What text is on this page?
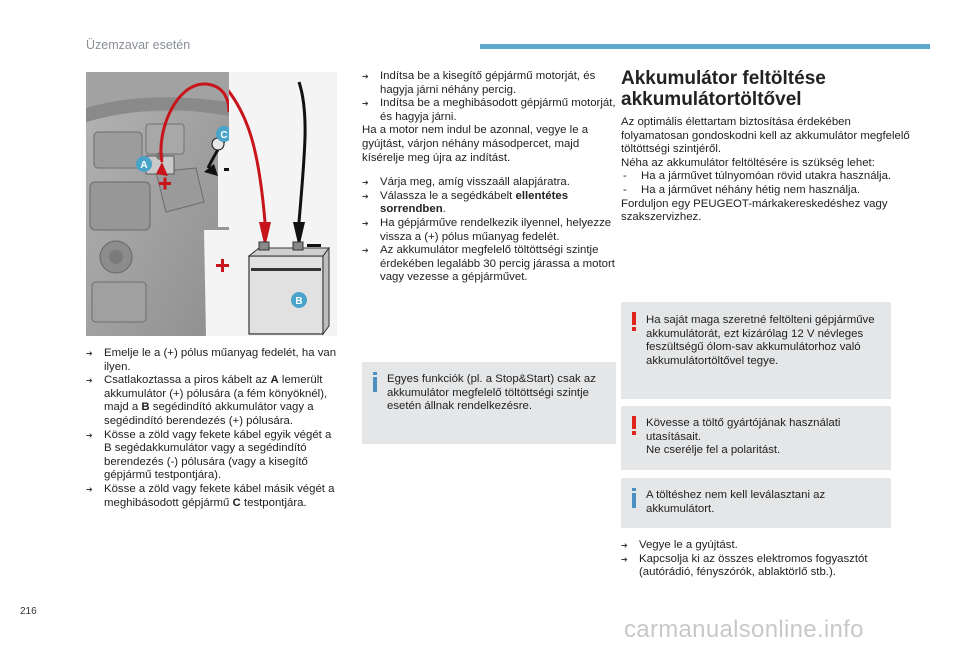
Üzemzavar esetén
A
C
B

➔ Emelje le a (+) pólus műanyag fedelét, ha van ilyen.

➔ Csatlakoztassa a piros kábelt az A lemerült akkumulátor (+) pólusára (a fém könyöknél), majd a B segédindító akkumulátor vagy a segédindító berendezés (+) pólusára.

➔ Kösse a zöld vagy fekete kábel egyik végét a B segédakkumulátor vagy a segédindító berendezés (-) pólusára (vagy a kisegítő gépjármű testpontjára).

➔ Kösse a zöld vagy fekete kábel másik végét a meghibásodott gépjármű C testpontjára.

➔ Indítsa be a kisegítő gépjármű motorját, és hagyja járni néhány percig.

➔ Indítsa be a meghibásodott gépjármű motorját, és hagyja járni.

Ha a motor nem indul be azonnal, vegye le a gyújtást, várjon néhány másodpercet, majd kísérelje meg újra az indítást.

➔ Várja meg, amíg visszaáll alapjáratra.

➔ Válassza le a segédkábelt ellentétes sorrendben.

➔ Ha gépjárműve rendelkezik ilyennel, helyezze vissza a (+) pólus műanyag fedelét.

➔ Az akkumulátor megfelelő töltöttségi szintje érdekében legalább 30 percig járassa a motort vagy vezesse a gépjárművet.

Egyes funkciók (pl. a Stop&Start) csak az akkumulátor megfelelő töltöttségi szintje esetén állnak rendelkezésre.
Akkumulátor feltöltése akkumulátortöltővel

Az optimális élettartam biztosítása érdekében folyamatosan gondoskodni kell az akkumulátor megfelelő töltöttségi szintjéről.

Néha az akkumulátor feltöltésére is szükség lehet:

- Ha a járművet túlnyomóan rövid utakra használja.

- Ha a járművet néhány hétig nem használja.

Forduljon egy PEUGEOT-márkakereskedéshez vagy szakszervizhez.

Ha saját maga szeretné feltölteni gépjárműve akkumulátorát, ezt kizárólag 12 V névleges feszültségű ólom-sav akkumulátorhoz való akkumulátortöltővel tegye.

Kövesse a töltő gyártójának használati utasításait.

Ne cserélje fel a polaritást.

A töltéshez nem kell leválasztani az akkumulátort.

➔ Vegye le a gyújtást.

➔ Kapcsolja ki az összes elektromos fogyasztót (autórádió, fényszórók, ablaktörlő stb.).

216
carmanualsonline.info
